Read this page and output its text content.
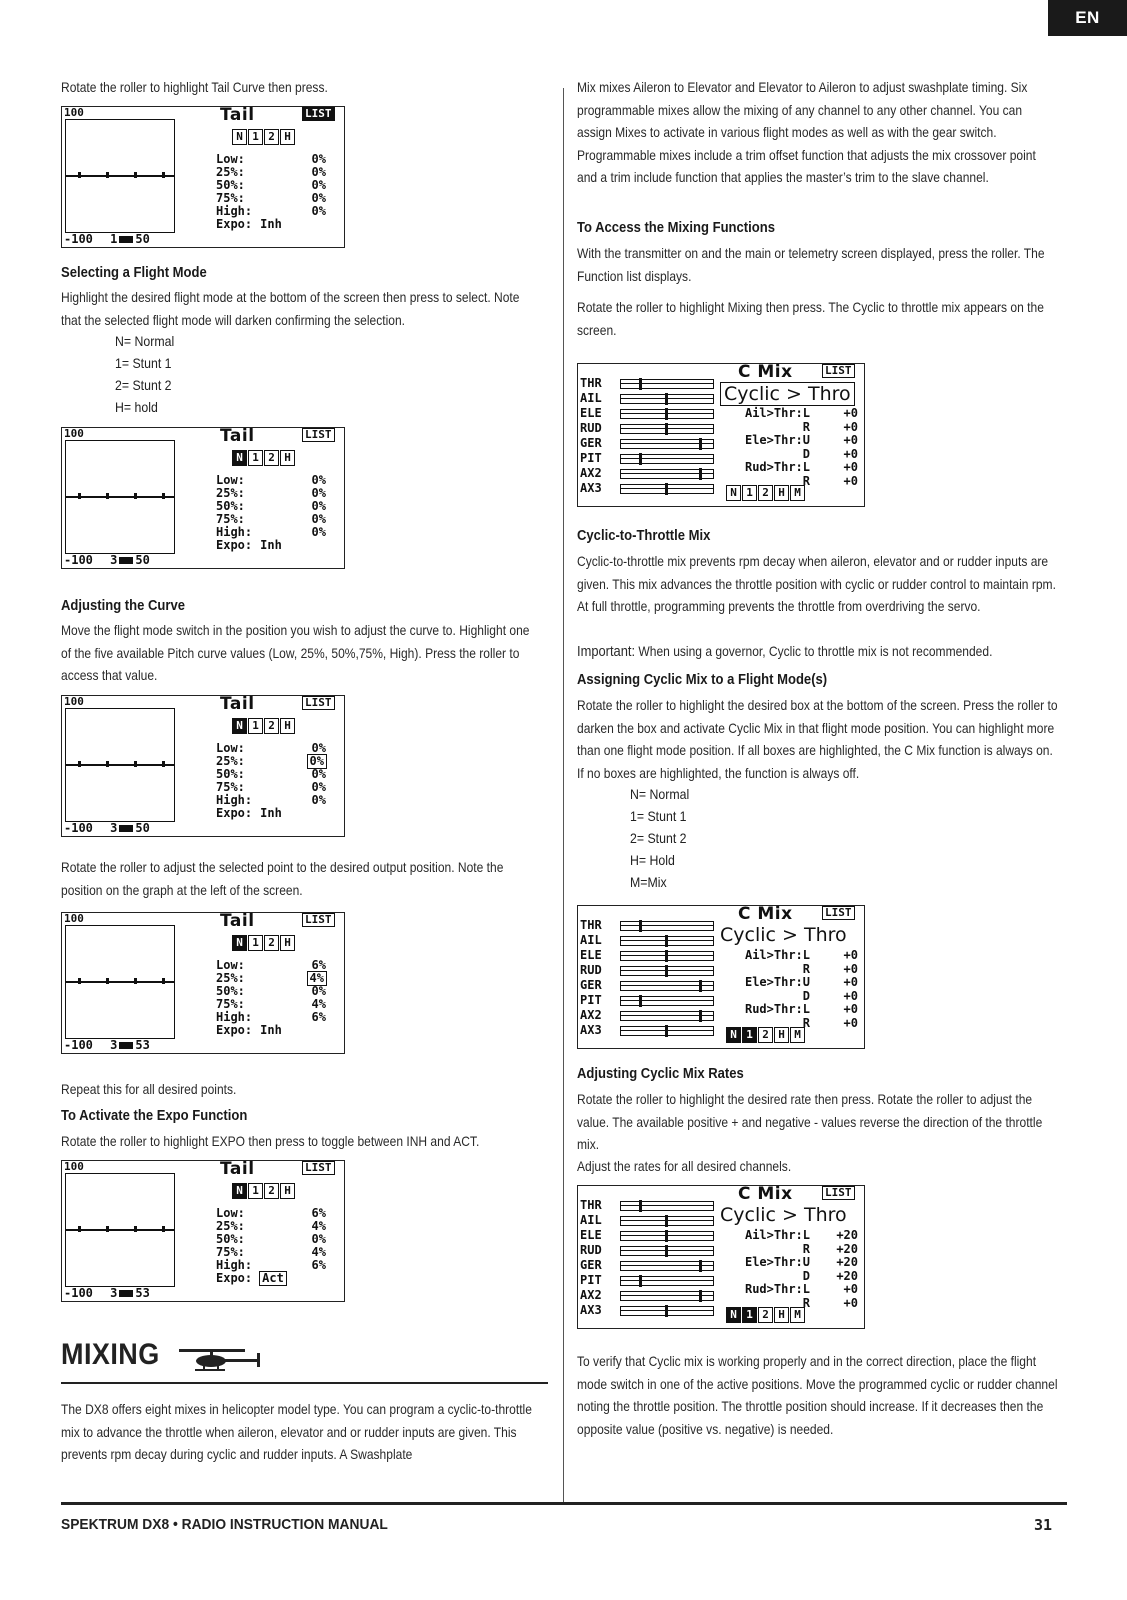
EN

Rotate the roller to highlight Tail Curve then press.

100	Tail	LIST
N 1 2 H
Low:	0%
25%:	0%
50%:	0%
75%:	0%
High:	0%
Expo: Inh
-100 1 50
Selecting a Flight Mode

Highlight the desired flight mode at the bottom of the screen then press to select. Note that the selected flight mode will darken confirming the selection.

N= Normal
1= Stunt 1
2= Stunt 2
H= hold
100	Tail	LIST
N 1 2 H
Low:	0%
25%:	0%
50%:	0%
75%:	0%
High:	0%
Expo: Inh
-100 3 50
Adjusting the Curve

Move the flight mode switch in the position you wish to adjust the curve to. Highlight one of the five available Pitch curve values (Low, 25%, 50%,75%, High). Press the roller to access that value.

100	Tail	LIST
N 1 2 H
Low:	0%
25%:	0%
50%:	0%
75%:	0%
High:	0%
Expo: Inh
-100 3 50

Rotate the roller to adjust the selected point to the desired output position. Note the position on the graph at the left of the screen.

100	Tail	LIST
N 1 2 H
Low:	6%
25%:	4%
50%:	0%
75%:	4%
High:	6%
Expo: Inh
-100 3 53

Repeat this for all desired points.

To Activate the Expo Function

Rotate the roller to highlight EXPO then press to toggle between INH and ACT.

100	Tail	LIST
N 1 2 H
Low:	6%
25%:	4%
50%:	0%
75%:	4%
High:	6%
Expo: Act
-100 3 53
MIXING

The DX8 offers eight mixes in helicopter model type. You can program a cyclic-to-throttle mix to advance the throttle when aileron, elevator and or rudder inputs are given. This prevents rpm decay during cyclic and rudder inputs. A Swashplate

Mix mixes Aileron to Elevator and Elevator to Aileron to adjust swashplate timing. Six programmable mixes allow the mixing of any channel to any other channel. You can assign Mixes to activate in various flight modes as well as with the gear switch. Programmable mixes include a trim offset function that adjusts the mix crossover point and a trim include function that applies the master’s trim to the slave channel.

To Access the Mixing Functions

With the transmitter on and the main or telemetry screen displayed, press the roller. The Function list displays.

Rotate the roller to highlight Mixing then press. The Cyclic to throttle mix appears on the screen.

THR
AIL
ELE
RUD
GER
PIT
AX2
AX3
C Mix	LIST
Cyclic > Thro
Ail>Thr:L	+0
R	+0
Ele>Thr:U	+0
D	+0
Rud>Thr:L	+0
R	+0
N 1 2 H M
Cyclic-to-Throttle Mix

Cyclic-to-throttle mix prevents rpm decay when aileron, elevator and or rudder inputs are given. This mix advances the throttle position with cyclic or rudder control to maintain rpm. At full throttle, programming prevents the throttle from overdriving the servo.

Important: When using a governor, Cyclic to throttle mix is not recommended.

Assigning Cyclic Mix to a Flight Mode(s)

Rotate the roller to highlight the desired box at the bottom of the screen. Press the roller to darken the box and activate Cyclic Mix in that flight mode position. You can highlight more than one flight mode position. If all boxes are highlighted, the C Mix function is always on. If no boxes are highlighted, the function is always off.

N= Normal
1= Stunt 1
2= Stunt 2
H= Hold
M=Mix
THR
AIL
ELE
RUD
GER
PIT
AX2
AX3
C Mix	LIST
Cyclic > Thro
Ail>Thr:L	+0
R	+0
Ele>Thr:U	+0
D	+0
Rud>Thr:L	+0
R	+0
N 1 2 H M
Adjusting Cyclic Mix Rates

Rotate the roller to highlight the desired rate then press. Rotate the roller to adjust the value. The available positive + and negative - values reverse the direction of the throttle mix.

Adjust the rates for all desired channels.

THR
AIL
ELE
RUD
GER
PIT
AX2
AX3
C Mix	LIST
Cyclic > Thro
Ail>Thr:L +20
R +20
Ele>Thr:U +20
D +20
Rud>Thr:L	+0
R	+0
N 1 2 H M

To verify that Cyclic mix is working properly and in the correct direction, place the flight mode switch in one of the active positions. Move the programmed cyclic or rudder channel noting the throttle position. The throttle position should increase. If it decreases then the opposite value (positive vs. negative) is needed.

SPEKTRUM DX8 • RADIO INSTRUCTION MANUAL	31
